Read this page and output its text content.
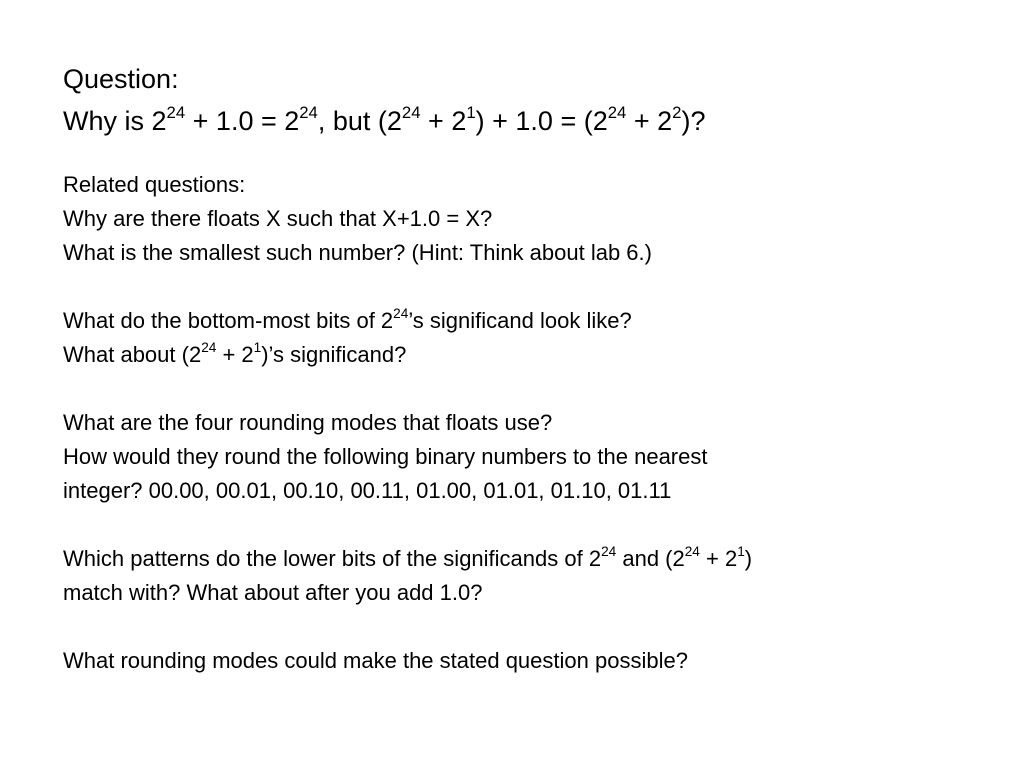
Question:

Why is $2^{24} + 1.0 = 2^{24}$, but $(2^{24} + 2^1) + 1.0 = (2^{24} + 2^2)$?

Related questions:

Why are there floats X such that X+1.0 = X?

What is the smallest such number? (Hint: Think about lab 6.)

What do the bottom-most bits of $2^{24}’s$ significand look like?

What about ($2^{24}$ + $2^1)’s$ significand?

What are the four rounding modes that floats use?

How would they round the following binary numbers to the nearest

integer? 00.00, 00.01, 00.10, 00.11, 01.00, 01.01, 01.10, 01.11

Which patterns do the lower bits of the significands of $2^{24}$ and $(2^{24} + 2^1)$

match with? What about after you add 1.0?

What rounding modes could make the stated question possible?
